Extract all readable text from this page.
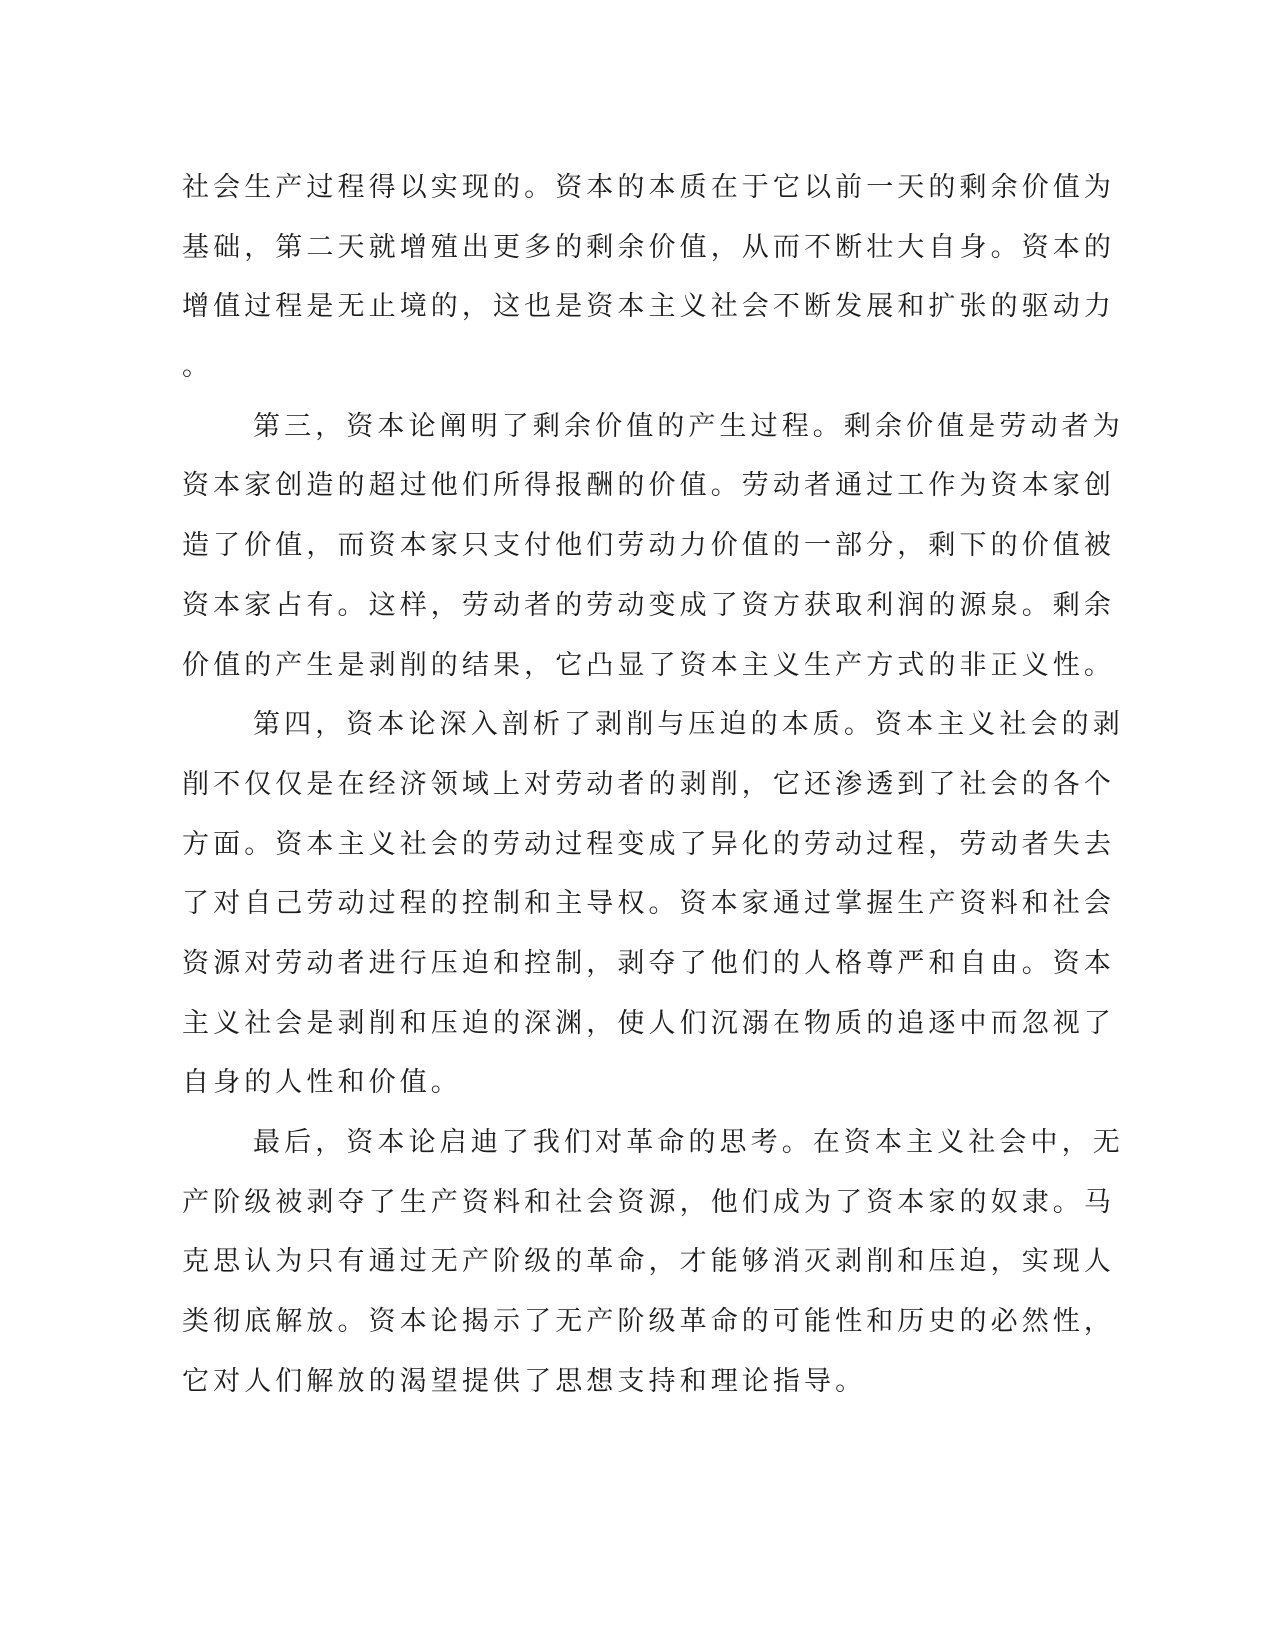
社会生产过程得以实现的。资本的本质在于它以前一天的剩余价值为
基础，第二天就增殖出更多的剩余价值，从而不断壮大自身。资本的
增值过程是无止境的，这也是资本主义社会不断发展和扩张的驱动力
。
第三，资本论阐明了剩余价值的产生过程。剩余价值是劳动者为
资本家创造的超过他们所得报酬的价值。劳动者通过工作为资本家创
造了价值，而资本家只支付他们劳动力价值的一部分，剩下的价值被
资本家占有。这样，劳动者的劳动变成了资方获取利润的源泉。剩余
价值的产生是剥削的结果，它凸显了资本主义生产方式的非正义性。
第四，资本论深入剖析了剥削与压迫的本质。资本主义社会的剥
削不仅仅是在经济领域上对劳动者的剥削，它还渗透到了社会的各个
方面。资本主义社会的劳动过程变成了异化的劳动过程，劳动者失去
了对自己劳动过程的控制和主导权。资本家通过掌握生产资料和社会
资源对劳动者进行压迫和控制，剥夺了他们的人格尊严和自由。资本
主义社会是剥削和压迫的深渊，使人们沉溺在物质的追逐中而忽视了
自身的人性和价值。
最后，资本论启迪了我们对革命的思考。在资本主义社会中，无
产阶级被剥夺了生产资料和社会资源，他们成为了资本家的奴隶。马
克思认为只有通过无产阶级的革命，才能够消灭剥削和压迫，实现人
类彻底解放。资本论揭示了无产阶级革命的可能性和历史的必然性，
它对人们解放的渴望提供了思想支持和理论指导。
